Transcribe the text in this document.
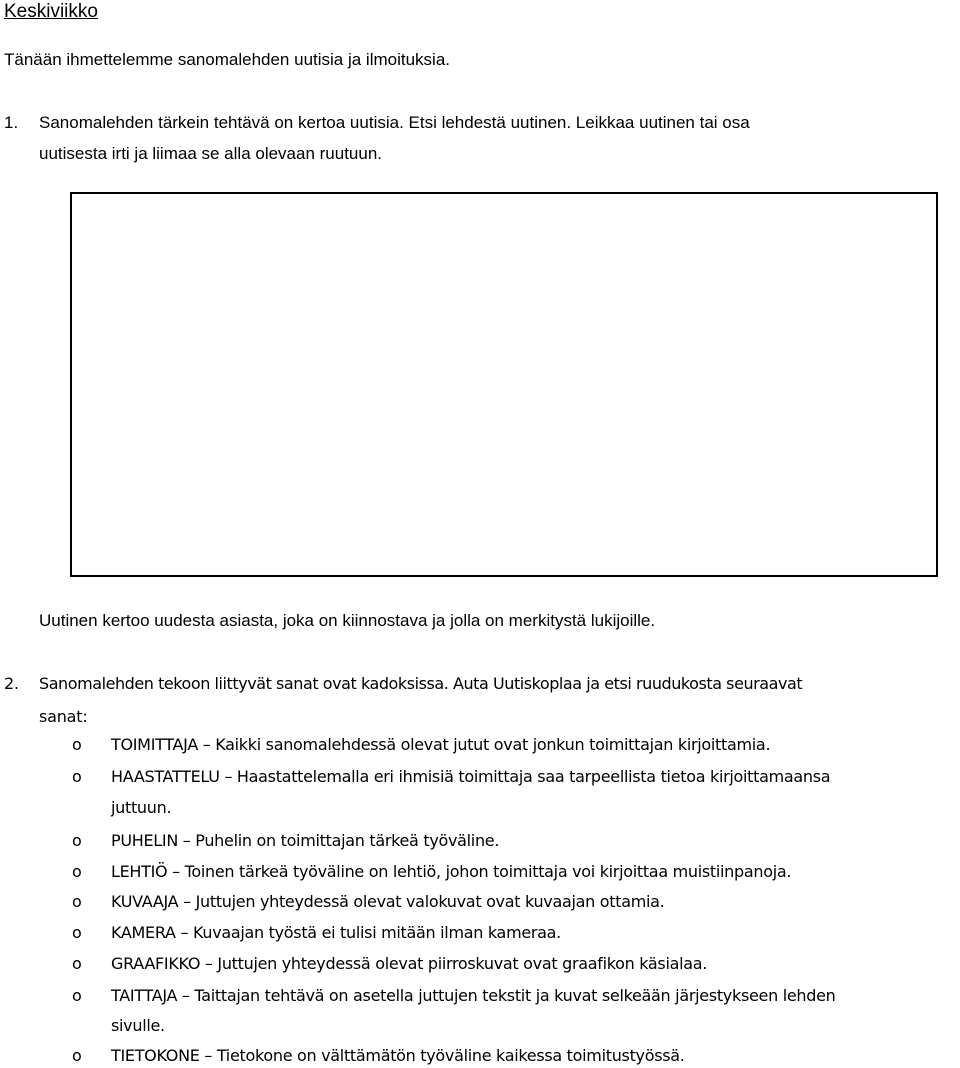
Keskiviikko
Tänään ihmettelemme sanomalehden uutisia ja ilmoituksia.
1. Sanomalehden tärkein tehtävä on kertoa uutisia. Etsi lehdestä uutinen. Leikkaa uutinen tai osa
uutisesta irti ja liimaa se alla olevaan ruutuun.
Uutinen kertoo uudesta asiasta, joka on kiinnostava ja jolla on merkitystä lukijoille.
2. Sanomalehden tekoon liittyvät sanat ovat kadoksissa. Auta Uutiskoplaa ja etsi ruudukosta seuraavat
sanat:
o TOIMITTAJA – Kaikki sanomalehdessä olevat jutut ovat jonkun toimittajan kirjoittamia.
o HAASTATTELU – Haastattelemalla eri ihmisiä toimittaja saa tarpeellista tietoa kirjoittamaansa
juttuun.
o PUHELIN – Puhelin on toimittajan tärkeä työväline.
o LEHTIÖ – Toinen tärkeä työväline on lehtiö, johon toimittaja voi kirjoittaa muistiinpanoja.
o KUVAAJA – Juttujen yhteydessä olevat valokuvat ovat kuvaajan ottamia.
o KAMERA – Kuvaajan työstä ei tulisi mitään ilman kameraa.
o GRAAFIKKO – Juttujen yhteydessä olevat piirroskuvat ovat graafikon käsialaa.
o TAITTAJA – Taittajan tehtävä on asetella juttujen tekstit ja kuvat selkeään järjestykseen lehden
sivulle.
o TIETOKONE – Tietokone on välttämätön työväline kaikessa toimitustyössä.
